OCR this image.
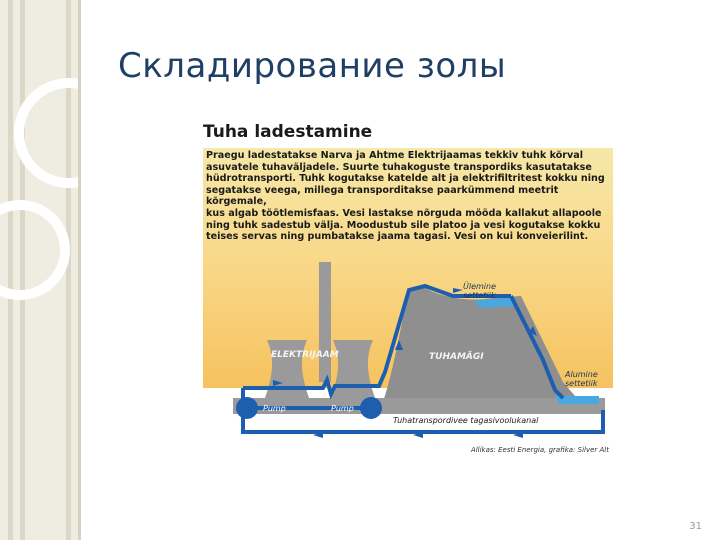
Складирование золы
Tuha ladestamine
Praegu ladestatakse Narva ja Ahtme Elektrijaamas tekkiv tuhk kõrval
asuvatele tuhaväljadele. Suurte tuhakoguste transpordiks kasutatakse
hüdrotransporti. Tuhk kogutakse katelde alt ja elektrifiltritest kokku ning
segatakse veega, millega transporditakse paarkümmend meetrit kõrgemale,
kus algab töötlemisfaas. Vesi lastakse nõrguda mööda kallakut allapoole
ning tuhk sadestub välja. Moodustub sile platoo ja vesi kogutakse kokku
teises servas ning pumbatakse jaama tagasi. Vesi on kui konveierilint.
Ülemine
settetiik
Alumine
settetiik
ELEKTRIJAAM	TUHAMÄGI
Pump	Pump
Tuhatranspordivee tagasivoolukanal
Allikas: Eesti Energia, grafika: Silver Alt
31
